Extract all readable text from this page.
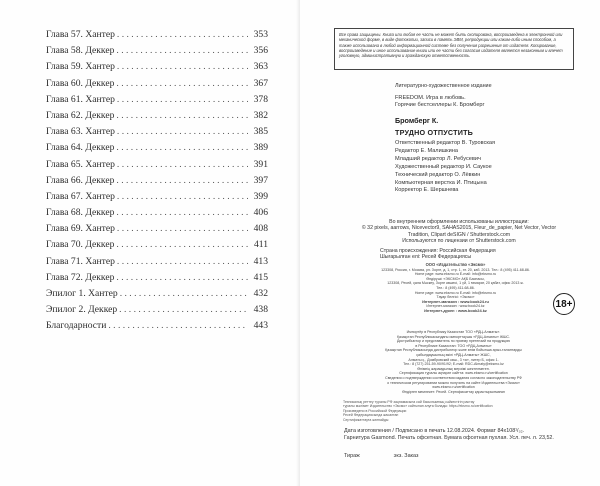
Глава 57. Хантер . . .	353
Глава 58. Деккер . . .	356
Глава 59. Хантер . . .	363
Глава 60. Деккер . . .	367
Глава 61. Хантер . . .	378
Глава 62. Деккер . . .	382
Глава 63. Хантер . . .	385
Глава 64. Деккер . . .	389
Глава 65. Хантер . . .	391
Глава 66. Деккер . . .	397
Глава 67. Хантер . . .	399
Глава 68. Деккер . . .	406
Глава 69. Хантер . . .	408
Глава 70. Деккер . . .	411
Глава 71. Хантер . . .	413
Глава 72. Деккер . . .	415
Эпилог 1. Хантер . . .	432
Эпилог 2. Деккер . . .	438
Благодарности . . .	443
Все права защищены. Книга или любая ее часть не может быть скопирована, воспроизведена в электронной или механической форме, в виде фотокопии, записи в память ЭВМ, репродукции или каким-либо иным способом, а также использована в любой информационной системе без получения разрешения от издателя. Копирование, воспроизведение и иное использование книги или ее части без согласия издателя является незаконным и влечет уголовную, административную и гражданскую ответственность.
Литературно-художественное издание
FREEDOM. Игра в любовь.
Горячие бестселлеры К. Бромберг
Бромберг К.
ТРУДНО ОТПУСТИТЬ
Ответственный редактор В. Туровская
Редактор Е. Малишкина
Младший редактор Л. Ребусевич
Художественный редактор И. Саукое
Технический редактор О. Лёвкин
Компьютерная верстка И. Птицына
Корректор Е. Шершнева
Во внутреннем оформлении использованы иллюстрации:
© 32 pixels, aarrows, Nicevector9, SAHAS2015, Fleur_de_papier, Net Vector, Vector
Tradition, Clipart deSIGN / Shutterstock.com
Используются по лицензии от Shutterstock.com
Страна происхождения: Российская Федерация
Шығарылған елі: Ресей Федерациясы
ООО «Издательство «Эксмо»
123308, Россия, г. Москва, ул. Зорге, д. 1, стр. 1, эт. 20, каб. 2013. Тел.: 8 (495) 411-68-86.
Home page: www.eksmo.ru E-mail: info@eksmo.ru
Өндіруші: «ЭКСМО» АҚБ Баспасы,
123308, Ресей, қала Мәскеу, Зорге көшесі, 1 үй, 1 ғимарат, 20 қабат, офис 2013 ж.
Тел.: 8 (495) 411-68-86.
Home page: www.eksmo.ru E-mail: info@eksmo.ru
Тауар белгісі: «Эксмо»
Интернет-магазин : www.book24.ru
Интернет-магазин : www.book24.kz
Интернет-дүкен : www.book24.kz
18+
Импортёр в Республику Казахстан ТОО «РДЦ-Алматы».
Қазақстан Республикасындағы импорттаушы «РДЦ-Алматы» ЖШС.
Дистрибьютор и представитель по приему претензий на продукцию
в Республике Казахстан: ТОО «РДЦ-Алматы»
Қазақстан Республикасында дистрибьютор және өнім бойынша арыз-талаптарды
қабылдаушының өкілі «РДЦ-Алматы» ЖШС,
Алматы қ., Домбровский көш., 3 «а», литер Б, офис 1.
Тел.: 8 (727) 251-59-90/91/92; E-mail: RDC-Almaty@eksmo.kz
Өнімнің жарамдылық мерзімі шектелмеген.
Сертификация туралы ақпарат сайтта: www.eksmo.ru/certification
Сведения о подтверждении соответствия издания согласно законодательству РФ
о техническом регулировании можно получить на сайте Издательства «Эксмо»
www.eksmo.ru/certification
Өндірген мемлекет: Ресей. Сертификаттау қарастырылмаған
Техникалық реттеу туралы РФ заңнамасына сай басылымның сәйкестігін растау
туралы мәлімет Издательство «Эксмо» сайтынан алуға болады: https://eksmo.ru/certification
Произведено в Российской Федерации
Ресей Федерациясында жасалған
Сертификаттауға жатпайды
Дата изготовления / Подписано в печать 12.08.2024. Формат 84x108¹/₃₂.
Гарнитура Gasmond. Печать офсетная. Бумага офсетная пухлая. Усл. печ. л. 23,52.
Тираж	экз. Заказ
